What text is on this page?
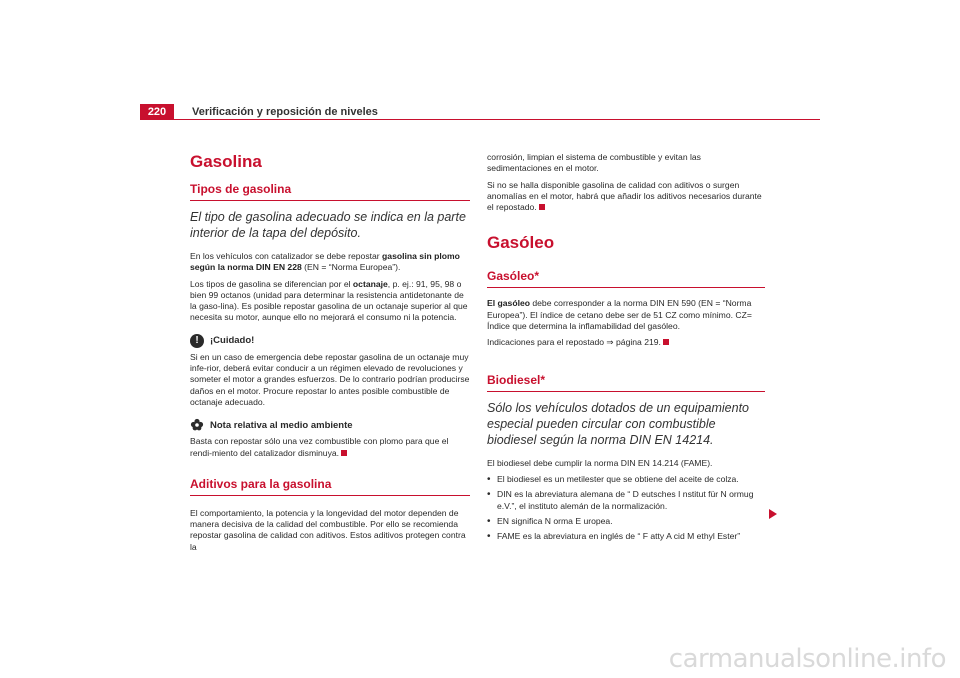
220	Verificación y reposición de niveles
Gasolina
Tipos de gasolina
El tipo de gasolina adecuado se indica en la parte interior de la tapa del depósito.

En los vehículos con catalizador se debe repostar gasolina sin plomo según la norma DIN EN 228 (EN = “Norma Europea”).

Los tipos de gasolina se diferencian por el octanaje, p. ej.: 91, 95, 98 o bien 99 octanos (unidad para determinar la resistencia antidetonante de la gaso-lina). Es posible repostar gasolina de un octanaje superior al que necesita su motor, aunque ello no mejorará el consumo ni la potencia.

!	¡Cuidado!

Si en un caso de emergencia debe repostar gasolina de un octanaje muy infe-rior, deberá evitar conducir a un régimen elevado de revoluciones y someter el motor a grandes esfuerzos. De lo contrario podrían producirse daños en el motor. Procure repostar lo antes posible combustible de octanaje adecuado.

Nota relativa al medio ambiente

Basta con repostar sólo una vez combustible con plomo para que el rendi-miento del catalizador disminuya.

Aditivos para la gasolina

El comportamiento, la potencia y la longevidad del motor dependen de manera decisiva de la calidad del combustible. Por ello se recomienda repostar gasolina de calidad con aditivos. Estos aditivos protegen contra la

corrosión, limpian el sistema de combustible y evitan las sedimentaciones en el motor.

Si no se halla disponible gasolina de calidad con aditivos o surgen anomalías en el motor, habrá que añadir los aditivos necesarios durante el repostado.

Gasóleo
Gasóleo*

El gasóleo debe corresponder a la norma DIN EN 590 (EN = “Norma Europea”). El índice de cetano debe ser de 51 CZ como mínimo. CZ= Índice que determina la inflamabilidad del gasóleo.

Indicaciones para el repostado ⇒ página 219.

Biodiesel*
Sólo los vehículos dotados de un equipamiento especial pueden circular con combustible biodiesel según la norma DIN EN 14214.

El biodiesel debe cumplir la norma DIN EN 14.214 (FAME).

• El biodiesel es un metilester que se obtiene del aceite de colza.
• DIN es la abreviatura alemana de “ D eutsches I nstitut für N ormug e.V.”, el instituto alemán de la normalización.
• EN significa N orma E uropea.
• FAME es la abreviatura en inglés de “ F atty A cid M ethyl Ester”
carmanualsonline.info
